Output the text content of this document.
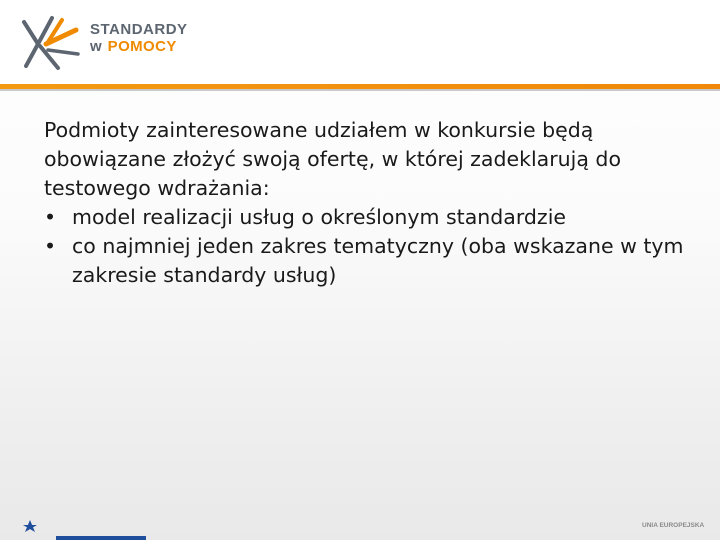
STANDARDY
w POMOCY

Podmioty zainteresowane udziałem w konkursie będą obowiązane złożyć swoją ofertę, w której zadeklarują do testowego wdrażania:

• model realizacji usług o określonym standardzie
• co najmniej jeden zakres tematyczny (oba wskazane w tym zakresie standardy usług)
UNIA EUROPEJSKA
